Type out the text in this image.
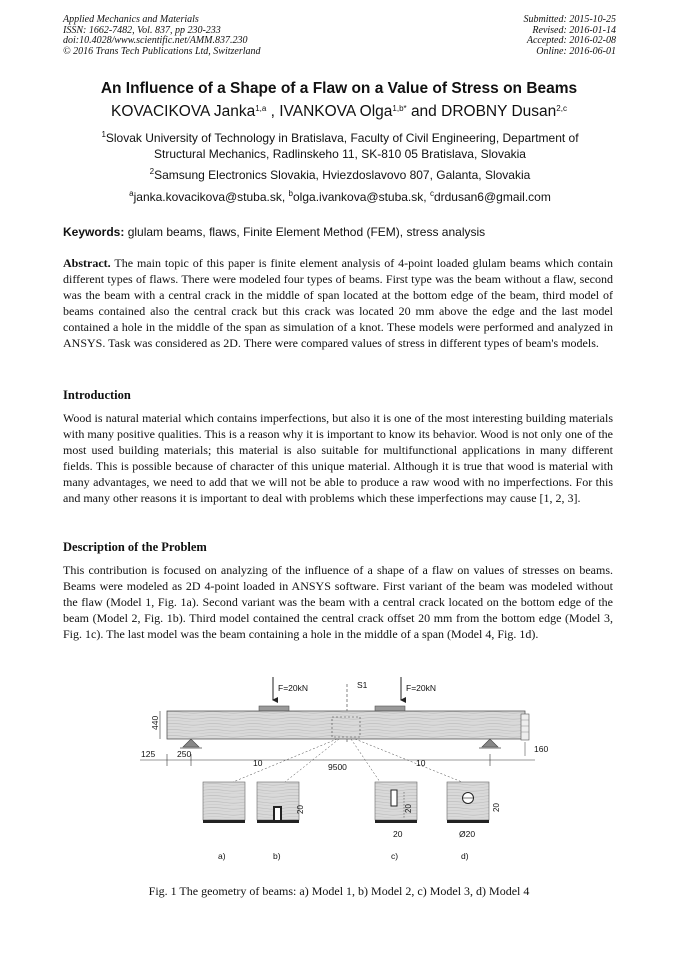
Applied Mechanics and Materials
ISSN: 1662-7482, Vol. 837, pp 230-233
doi:10.4028/www.scientific.net/AMM.837.230
© 2016 Trans Tech Publications Ltd, Switzerland
Submitted: 2015-10-25
Revised: 2016-01-14
Accepted: 2016-02-08
Online: 2016-06-01
An Influence of a Shape of a Flaw on a Value of Stress on Beams
KOVACIKOVA Janka$^{1,a}$ , IVANKOVA Olga$^{1,b*}$ and DROBNY Dusan$^{2,c}$
$^1$Slovak University of Technology in Bratislava, Faculty of Civil Engineering, Department of
Structural Mechanics, Radlinskeho 11, SK-810 05 Bratislava, Slovakia
$^2$Samsung Electronics Slovakia, Hviezdoslavovo 807, Galanta, Slovakia
$^a$janka.kovacikova@stuba.sk, $^b$olga.ivankova@stuba.sk, $^c$drdusan6@gmail.com
Keywords: glulam beams, flaws, Finite Element Method (FEM), stress analysis
Abstract. The main topic of this paper is finite element analysis of 4-point loaded glulam beams which contain different types of flaws. There were modeled four types of beams. First type was the beam without a flaw, second was the beam with a central crack in the middle of span located at the bottom edge of the beam, third model of beams contained also the central crack but this crack was located 20 mm above the edge and the last model contained a hole in the middle of the span as simulation of a knot. These models were performed and analyzed in ANSYS. Task was considered as 2D. There were compared values of stress in different types of beam's models.
Introduction
Wood is natural material which contains imperfections, but also it is one of the most interesting building materials with many positive qualities. This is a reason why it is important to know its behavior. Wood is not only one of the most used building materials; this material is also suitable for multifunctional applications in many different fields. This is possible because of character of this unique material. Although it is true that wood is material with many advantages, we need to add that we will not be able to produce a raw wood with no imperfections. For this and many other reasons it is important to deal with problems which these imperfections may cause [1, 2, 3].
Description of the Problem
This contribution is focused on analyzing of the influence of a shape of a flaw on values of stresses on beams. Beams were modeled as 2D 4-point loaded in ANSYS software. First variant of the beam was modeled without the flaw (Model 1, Fig. 1a). Second variant was the beam with a central crack located on the bottom edge of the beam (Model 2, Fig. 1b). Third model contained the central crack offset 20 mm from the bottom edge (Model 3, Fig. 1c). The last model was the beam containing a hole in the middle of a span (Model 4, Fig. 1d).
F=20kN	F=20kN
S1
440
160
125	250
9500
10	10
a)
20
b)
20
20
c)
20
Ø20
d)
Fig. 1 The geometry of beams: a) Model 1, b) Model 2, c) Model 3, d) Model 4
